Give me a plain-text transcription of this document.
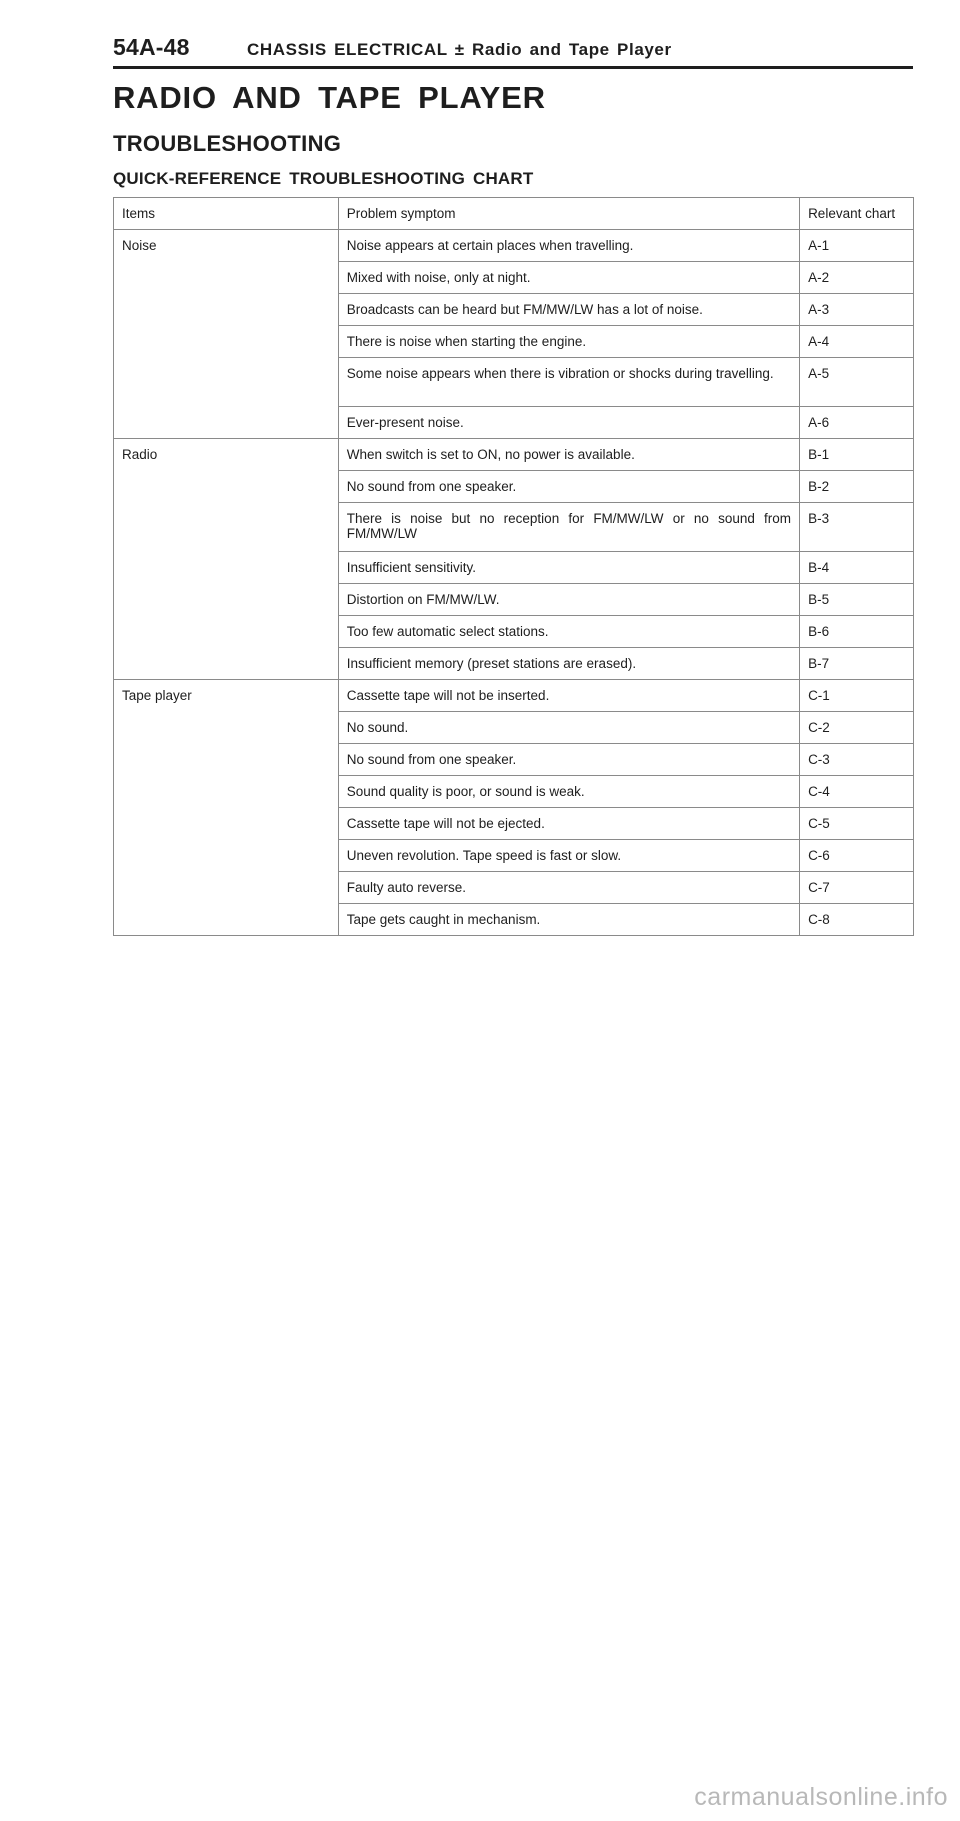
54A-48	CHASSIS ELECTRICAL ± Radio and Tape Player
RADIO AND TAPE PLAYER
TROUBLESHOOTING
QUICK-REFERENCE TROUBLESHOOTING CHART
Items	Problem symptom	Relevant chart
Noise	Noise appears at certain places when travelling.	A-1
	Mixed with noise, only at night.	A-2
	Broadcasts can be heard but FM/MW/LW has a lot of noise.	A-3
	There is noise when starting the engine.	A-4
	Some noise appears when there is vibration or shocks during travelling.	A-5
	Ever-present noise.	A-6
Radio	When switch is set to ON, no power is available.	B-1
	No sound from one speaker.	B-2
	There is noise but no reception for FM/MW/LW or no sound from FM/MW/LW	B-3
	Insufficient sensitivity.	B-4
	Distortion on FM/MW/LW.	B-5
	Too few automatic select stations.	B-6
	Insufficient memory (preset stations are erased).	B-7
Tape player	Cassette tape will not be inserted.	C-1
	No sound.	C-2
	No sound from one speaker.	C-3
	Sound quality is poor, or sound is weak.	C-4
	Cassette tape will not be ejected.	C-5
	Uneven revolution. Tape speed is fast or slow.	C-6
	Faulty auto reverse.	C-7
	Tape gets caught in mechanism.	C-8
carmanualsonline.info
